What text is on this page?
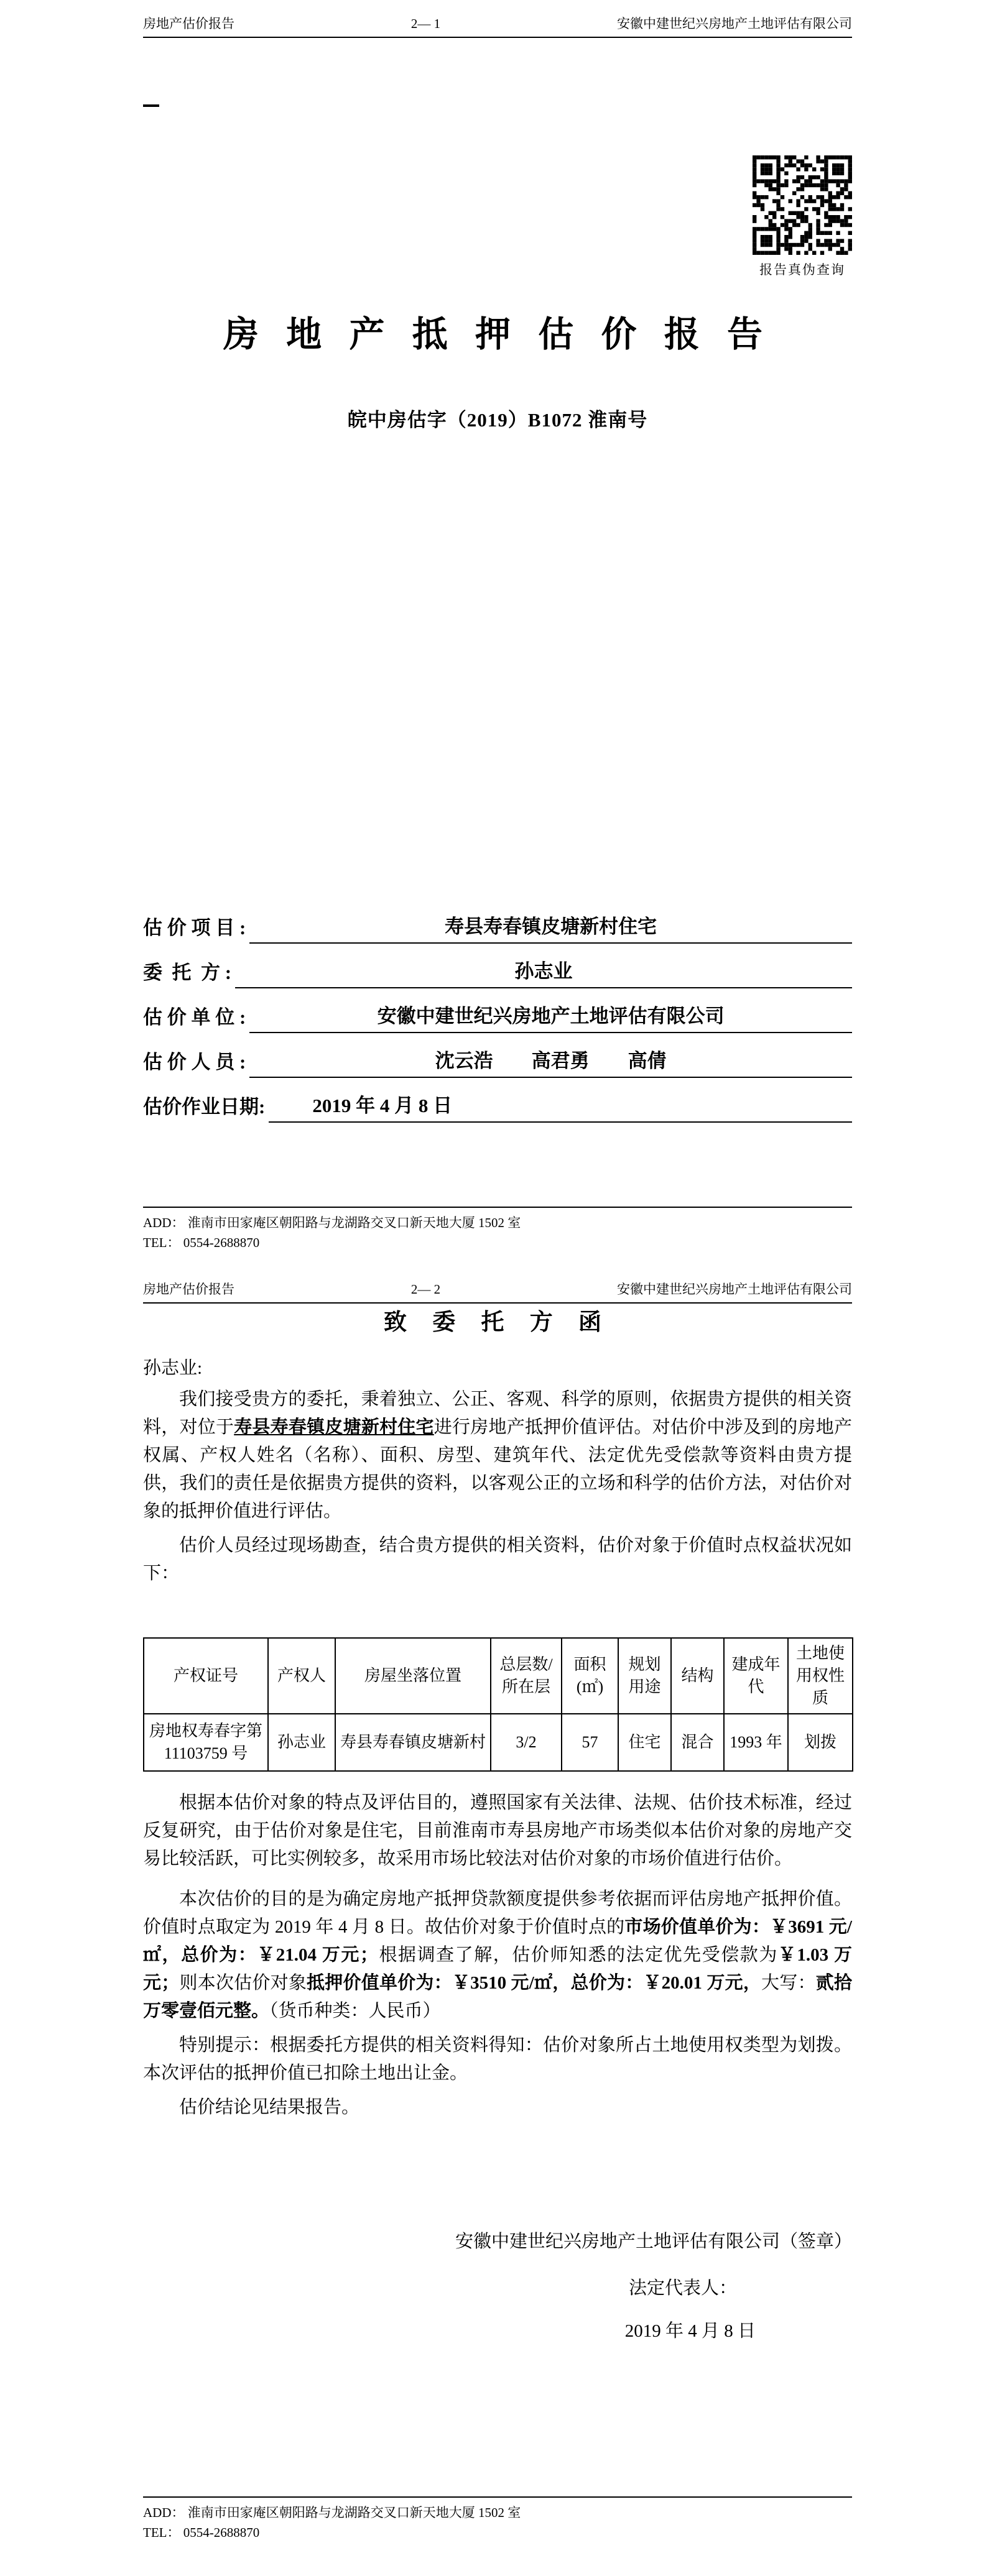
房地产估价报告	2— 1	安徽中建世纪兴房地产土地评估有限公司
报告真伪查询
房 地 产 抵 押 估 价 报 告
皖中房估字（2019）B1072 淮南号
估 价 项 目 :	寿县寿春镇皮塘新村住宅
委  托  方 :	孙志业
估 价 单 位 :	安徽中建世纪兴房地产土地评估有限公司
估 价 人 员 :	沈云浩　　高君勇　　高倩
估价作业日期:	2019 年 4 月 8 日
ADD： 淮南市田家庵区朝阳路与龙湖路交叉口新天地大厦 1502 室
TEL： 0554-2688870
房地产估价报告	2— 2	安徽中建世纪兴房地产土地评估有限公司
致 委 托 方 函
孙志业:

我们接受贵方的委托，秉着独立、公正、客观、科学的原则，依据贵方提供的相关资料，对位于寿县寿春镇皮塘新村住宅进行房地产抵押价值评估。对估价中涉及到的房地产权属、产权人姓名（名称）、面积、房型、建筑年代、法定优先受偿款等资料由贵方提供，我们的责任是依据贵方提供的资料，以客观公正的立场和科学的估价方法，对估价对象的抵押价值进行评估。

估价人员经过现场勘查，结合贵方提供的相关资料，估价对象于价值时点权益状况如下：

产权证号	产权人	房屋坐落位置	总层数/所在层	面积(㎡)	规划用途	结构	建成年代	土地使用权性质
房地权寿春字第11103759 号	孙志业	寿县寿春镇皮塘新村	3/2	57	住宅	混合	1993 年	划拨

根据本估价对象的特点及评估目的，遵照国家有关法律、法规、估价技术标准，经过反复研究，由于估价对象是住宅，目前淮南市寿县房地产市场类似本估价对象的房地产交易比较活跃，可比实例较多，故采用市场比较法对估价对象的市场价值进行估价。

本次估价的目的是为确定房地产抵押贷款额度提供参考依据而评估房地产抵押价值。价值时点取定为 2019 年 4 月 8 日。故估价对象于价值时点的市场价值单价为：￥3691 元/㎡，总价为：￥21.04 万元；根据调查了解，估价师知悉的法定优先受偿款为￥1.03 万元；则本次估价对象抵押价值单价为：￥3510 元/㎡，总价为：￥20.01 万元，大写：贰拾万零壹佰元整。（货币种类：人民币）

特别提示：根据委托方提供的相关资料得知：估价对象所占土地使用权类型为划拨。本次评估的抵押价值已扣除土地出让金。

估价结论见结果报告。

安徽中建世纪兴房地产土地评估有限公司（签章）
法定代表人：
2019 年 4 月 8 日
ADD： 淮南市田家庵区朝阳路与龙湖路交叉口新天地大厦 1502 室
TEL： 0554-2688870
